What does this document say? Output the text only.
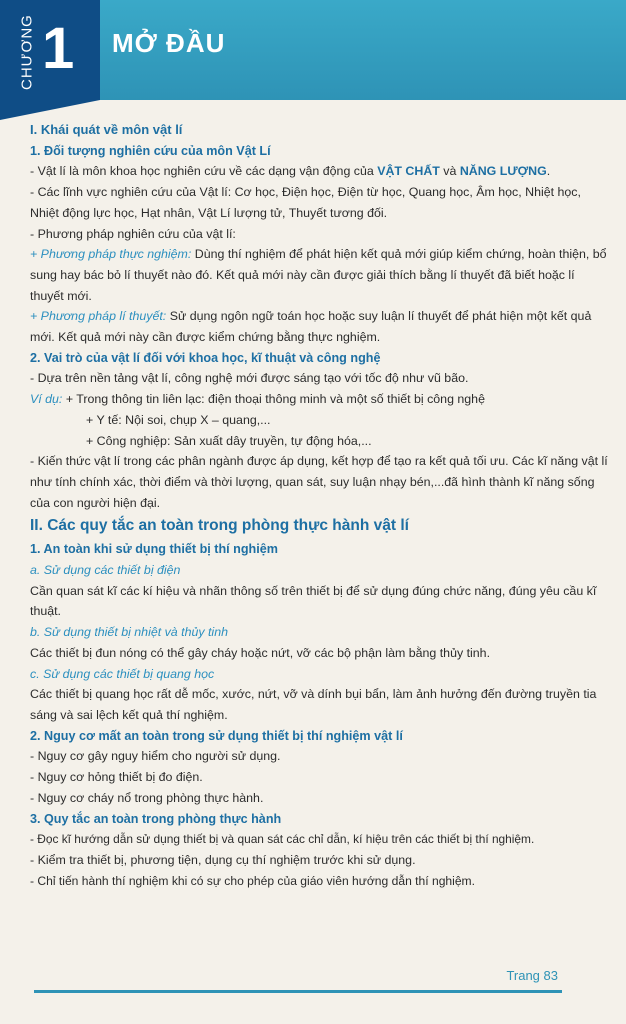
CHƯƠNG 1 MỞ ĐẦU

I. Khái quát về môn vật lí

1. Đối tượng nghiên cứu của môn Vật Lí

- Vật lí là môn khoa học nghiên cứu về các dạng vận động của VẬT CHẤT và NĂNG LƯỢNG.

- Các lĩnh vực nghiên cứu của Vật lí: Cơ học, Điện học, Điện từ học, Quang học, Âm học, Nhiệt học, Nhiệt động lực học, Hạt nhân, Vật Lí lượng tử, Thuyết tương đối.

- Phương pháp nghiên cứu của vật lí:

+ Phương pháp thực nghiệm: Dùng thí nghiệm để phát hiện kết quả mới giúp kiểm chứng, hoàn thiện, bổ sung hay bác bỏ lí thuyết nào đó. Kết quả mới này cần được giải thích bằng lí thuyết đã biết hoặc lí thuyết mới.

+ Phương pháp lí thuyết: Sử dụng ngôn ngữ toán học hoặc suy luận lí thuyết để phát hiện một kết quả mới. Kết quả mới này cần được kiểm chứng bằng thực nghiệm.

2. Vai trò của vật lí đối với khoa học, kĩ thuật và công nghệ

- Dựa trên nền tảng vật lí, công nghệ mới được sáng tạo với tốc độ như vũ bão.

Ví dụ: + Trong thông tin liên lạc: điện thoại thông minh và một số thiết bị công nghệ

+ Y tế: Nội soi, chụp X – quang,...

+ Công nghiệp: Sản xuất dây truyền, tự động hóa,...

- Kiến thức vật lí trong các phân ngành được áp dụng, kết hợp để tạo ra kết quả tối ưu. Các kĩ năng vật lí như tính chính xác, thời điểm và thời lượng, quan sát, suy luận nhạy bén,...đã hình thành kĩ năng sống của con người hiện đại.

II. Các quy tắc an toàn trong phòng thực hành vật lí

1. An toàn khi sử dụng thiết bị thí nghiệm

a. Sử dụng các thiết bị điện

Cần quan sát kĩ các kí hiệu và nhãn thông số trên thiết bị để sử dụng đúng chức năng, đúng yêu cầu kĩ thuật.

b. Sử dụng thiết bị nhiệt và thủy tinh

Các thiết bị đun nóng có thể gây cháy hoặc nứt, vỡ các bộ phận làm bằng thủy tinh.

c. Sử dụng các thiết bị quang học

Các thiết bị quang học rất dễ mốc, xước, nứt, vỡ và dính bụi bẩn, làm ảnh hưởng đến đường truyền tia sáng và sai lệch kết quả thí nghiệm.

2. Nguy cơ mất an toàn trong sử dụng thiết bị thí nghiệm vật lí

- Nguy cơ gây nguy hiểm cho người sử dụng.

- Nguy cơ hỏng thiết bị đo điện.

- Nguy cơ cháy nổ trong phòng thực hành.

3. Quy tắc an toàn trong phòng thực hành

- Đọc kĩ hướng dẫn sử dụng thiết bị và quan sát các chỉ dẫn, kí hiệu trên các thiết bị thí nghiệm.

- Kiểm tra thiết bị, phương tiện, dụng cụ thí nghiệm trước khi sử dụng.

- Chỉ tiến hành thí nghiệm khi có sự cho phép của giáo viên hướng dẫn thí nghiệm.

Trang 83
